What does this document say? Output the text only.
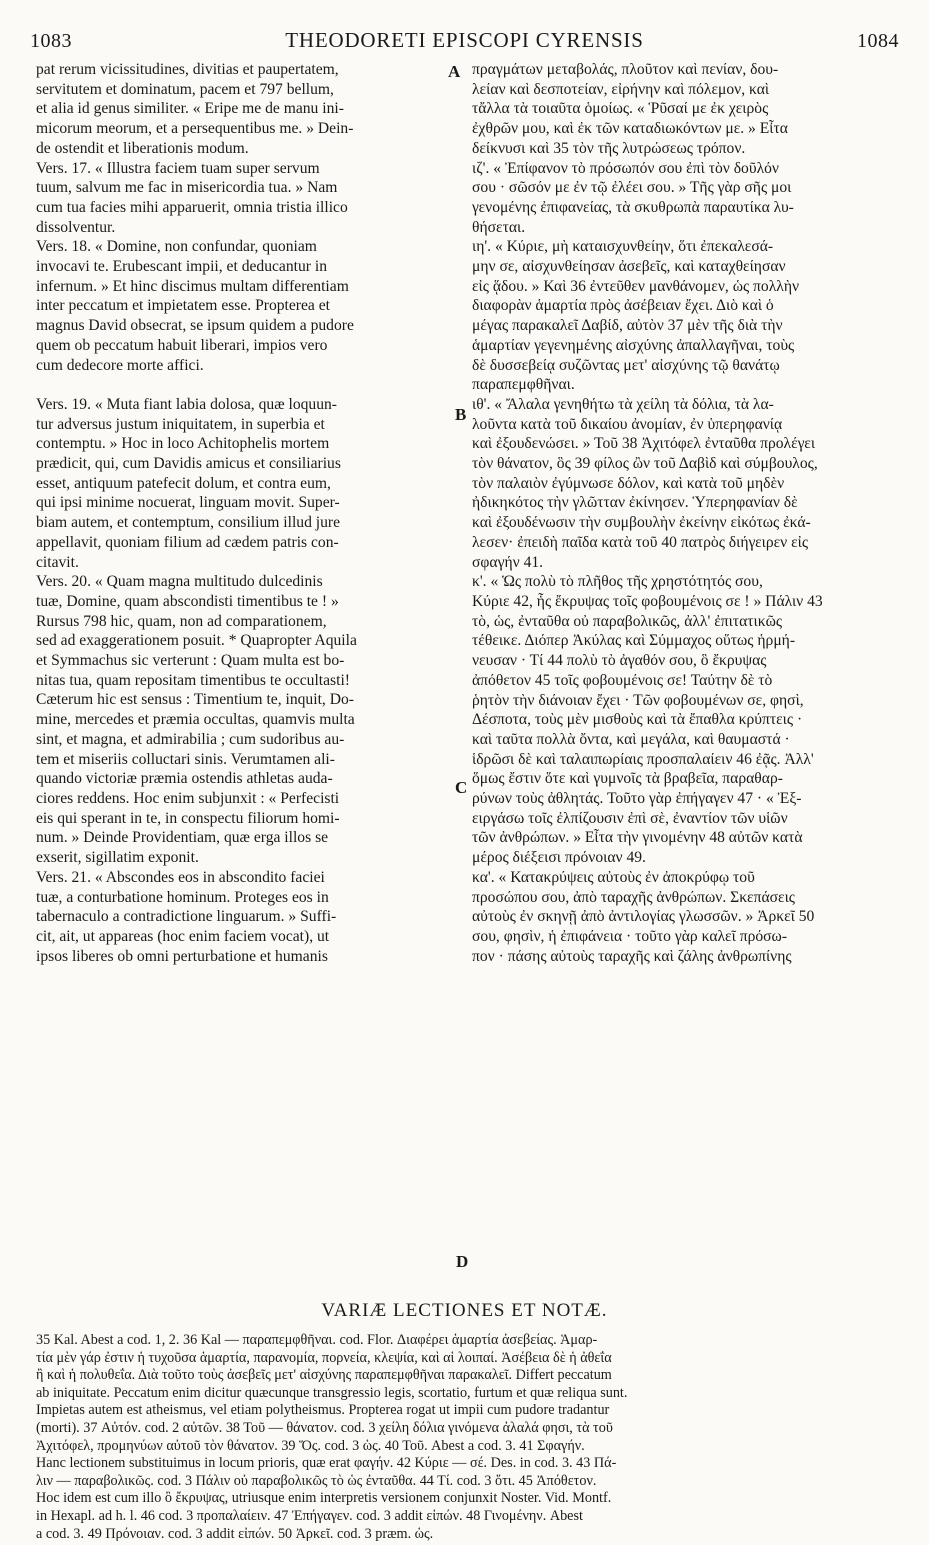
1083	THEODORETI EPISCOPI CYRENSIS	1084

pat rerum vicissitudines, divitias et paupertatem,

servitutem et dominatum, pacem et 797 bellum,

et alia id genus similiter. « Eripe me de manu ini-

micorum meorum, et a persequentibus me. » Dein-

de ostendit et liberationis modum.

Vers. 17. « Illustra faciem tuam super servum

tuum, salvum me fac in misericordia tua. » Nam

cum tua facies mihi apparuerit, omnia tristia illico

dissolventur.

Vers. 18. « Domine, non confundar, quoniam

invocavi te. Erubescant impii, et deducantur in

infernum. » Et hinc discimus multam differentiam

inter peccatum et impietatem esse. Propterea et

magnus David obsecrat, se ipsum quidem a pudore

quem ob peccatum habuit liberari, impios vero

cum dedecore morte affici.

Vers. 19. « Muta fiant labia dolosa, quæ loquun-

tur adversus justum iniquitatem, in superbia et

contemptu. » Hoc in loco Achitophelis mortem

prædicit, qui, cum Davidis amicus et consiliarius

esset, antiquum patefecit dolum, et contra eum,

qui ipsi minime nocuerat, linguam movit. Super-

biam autem, et contemptum, consilium illud jure

appellavit, quoniam filium ad cædem patris con-

citavit.

Vers. 20. « Quam magna multitudo dulcedinis

tuæ, Domine, quam abscondisti timentibus te ! »

Rursus 798 hic, quam, non ad comparationem,

sed ad exaggerationem posuit. * Quapropter Aquila

et Symmachus sic verterunt : Quam multa est bo-

nitas tua, quam repositam timentibus te occultasti!

Cæterum hic est sensus : Timentium te, inquit, Do-

mine, mercedes et præmia occultas, quamvis multa

sint, et magna, et admirabilia ; cum sudoribus au-

tem et miseriis colluctari sinis. Verumtamen ali-

quando victoriæ præmia ostendis athletas auda-

ciores reddens. Hoc enim subjunxit : « Perfecisti

eis qui sperant in te, in conspectu filiorum homi-

num. » Deinde Providentiam, quæ erga illos se

exserit, sigillatim exponit.

Vers. 21. « Abscondes eos in abscondito faciei

tuæ, a conturbatione hominum. Proteges eos in

tabernaculo a contradictione linguarum. » Suffi-

cit, ait, ut appareas (hoc enim faciem vocat), ut

ipsos liberes ob omni perturbatione et humanis

πραγμάτων μεταβολάς, πλοῦτον καὶ πενίαν, δου-

λείαν καὶ δεσποτείαν, εἰρήνην καὶ πόλεμον, καὶ

τἄλλα τὰ τοιαῦτα ὁμοίως. « Ῥῦσαί με ἐκ χειρὸς

ἐχθρῶν μου, καὶ ἐκ τῶν καταδιωκόντων με. » Εἶτα

δείκνυσι καὶ 35 τὸν τῆς λυτρώσεως τρόπον.

ιζ'. « Ἐπίφανον τὸ πρόσωπόν σου ἐπὶ τὸν δοῦλόν

σου · σῶσόν με ἐν τῷ ἐλέει σου. » Τῆς γὰρ σῆς μοι

γενομένης ἐπιφανείας, τὰ σκυθρωπὰ παραυτίκα λυ-

θήσεται.

ιη'. « Κύριε, μὴ καταισχυνθείην, ὅτι ἐπεκαλεσά-

μην σε, αἰσχυνθείησαν ἀσεβεῖς, καὶ καταχθείησαν

εἰς ᾅδου. » Καὶ 36 ἐντεῦθεν μανθάνομεν, ὡς πολλὴν

διαφορὰν ἁμαρτία πρὸς ἀσέβειαν ἔχει. Διὸ καὶ ὁ

μέγας παρακαλεῖ Δαβίδ, αὐτὸν 37 μὲν τῆς διὰ τὴν

ἁμαρτίαν γεγενημένης αἰσχύνης ἀπαλλαγῆναι, τοὺς

δὲ δυσσεβείᾳ συζῶντας μετ' αἰσχύνης τῷ θανάτῳ

παραπεμφθῆναι.

ιθ'. « Ἄλαλα γενηθήτω τὰ χείλη τὰ δόλια, τὰ λα-

λοῦντα κατὰ τοῦ δικαίου ἀνομίαν, ἐν ὑπερηφανίᾳ

καὶ ἐξουδενώσει. » Τοῦ 38 Ἀχιτόφελ ἐνταῦθα προλέγει

τὸν θάνατον, ὃς 39 φίλος ὢν τοῦ Δαβὶδ καὶ σύμβουλος,

τὸν παλαιὸν ἐγύμνωσε δόλον, καὶ κατὰ τοῦ μηδὲν

ἠδικηκότος τὴν γλῶτταν ἐκίνησεν. Ὑπερηφανίαν δὲ

καὶ ἐξουδένωσιν τὴν συμβουλὴν ἐκείνην εἰκότως ἐκά-

λεσεν· ἐπειδὴ παῖδα κατὰ τοῦ 40 πατρὸς διήγειρεν εἰς

σφαγήν 41.

κ'. « Ὡς πολὺ τὸ πλῆθος τῆς χρηστότητός σου,

Κύριε 42, ἧς ἔκρυψας τοῖς φοβουμένοις σε ! » Πάλιν 43

τὸ, ὡς, ἐνταῦθα οὐ παραβολικῶς, ἀλλ' ἐπιτατικῶς

τέθεικε. Διόπερ Ἀκύλας καὶ Σύμμαχος οὕτως ἡρμή-

νευσαν · Τί 44 πολὺ τὸ ἀγαθόν σου, ὃ ἔκρυψας

ἀπόθετον 45 τοῖς φοβουμένοις σε! Ταύτην δὲ τὸ

ῥητὸν τὴν διάνοιαν ἔχει · Τῶν φοβουμένων σε, φησὶ,

Δέσποτα, τοὺς μὲν μισθοὺς καὶ τὰ ἔπαθλα κρύπτεις ·

καὶ ταῦτα πολλὰ ὄντα, καὶ μεγάλα, καὶ θαυμαστά ·

ἱδρῶσι δὲ καὶ ταλαιπωρίαις προσπαλαίειν 46 ἐᾷς. Ἀλλ'

ὅμως ἔστιν ὅτε καὶ γυμνοῖς τὰ βραβεῖα, παραθαρ-

ρύνων τοὺς ἀθλητάς. Τοῦτο γὰρ ἐπήγαγεν 47 · « Ἐξ-

ειργάσω τοῖς ἐλπίζουσιν ἐπὶ σὲ, ἐναντίον τῶν υἱῶν

τῶν ἀνθρώπων. » Εἶτα τὴν γινομένην 48 αὐτῶν κατὰ

μέρος διέξεισι πρόνοιαν 49.

κα'. « Κατακρύψεις αὐτοὺς ἐν ἀποκρύφῳ τοῦ

προσώπου σου, ἀπὸ ταραχῆς ἀνθρώπων. Σκεπάσεις

αὐτοὺς ἐν σκηνῇ ἀπὸ ἀντιλογίας γλωσσῶν. » Ἀρκεῖ 50

σου, φησὶν, ἡ ἐπιφάνεια · τοῦτο γὰρ καλεῖ πρόσω-

πον · πάσης αὐτοὺς ταραχῆς καὶ ζάλης ἀνθρωπίνης

A
B
C
D
VARIÆ LECTIONES ET NOTÆ.

35 Kal. Abest a cod. 1, 2. 36 Kal — παραπεμφθῆναι. cod. Flor. Διαφέρει ἁμαρτία ἀσεβείας. Ἁμαρ-

τία μὲν γάρ ἐστιν ἡ τυχοῦσα ἁμαρτία, παρανομία, πορνεία, κλεψία, καὶ αἱ λοιπαί. Ἀσέβεια δὲ ἡ ἀθεΐα

ἢ καὶ ἡ πολυθεΐα. Διὰ τοῦτο τοὺς ἀσεβεῖς μετ' αἰσχύνης παραπεμφθῆναι παρακαλεῖ. Differt peccatum

ab iniquitate. Peccatum enim dicitur quæcunque transgressio legis, scortatio, furtum et quæ reliqua sunt.

Impietas autem est atheismus, vel etiam polytheismus. Propterea rogat ut impii cum pudore tradantur

(morti). 37 Αὐτόν. cod. 2 αὐτῶν. 38 Τοῦ — θάνατον. cod. 3 χείλη δόλια γινόμενα ἀλαλά φησι, τὰ τοῦ

Ἀχιτόφελ, προμηνύων αὐτοῦ τὸν θάνατον. 39 Ὅς. cod. 3 ὡς. 40 Τοῦ. Abest a cod. 3. 41 Σφαγήν.

Hanc lectionem substituimus in locum prioris, quæ erat φαγήν. 42 Κύριε — σέ. Des. in cod. 3. 43 Πά-

λιν — παραβολικῶς. cod. 3 Πάλιν οὐ παραβολικῶς τὸ ὡς ἐνταῦθα. 44 Τί. cod. 3 ὅτι. 45 Ἀπόθετον.

Hoc idem est cum illo ὃ ἔκρυψας, utriusque enim interpretis versionem conjunxit Noster. Vid. Montf.

in Hexapl. ad h. l. 46 cod. 3 προπαλαίειν. 47 Ἐπήγαγεν. cod. 3 addit εἰπών. 48 Γινομένην. Abest

a cod. 3. 49 Πρόνοιαν. cod. 3 addit εἰπών. 50 Ἀρκεῖ. cod. 3 præm. ὡς.
